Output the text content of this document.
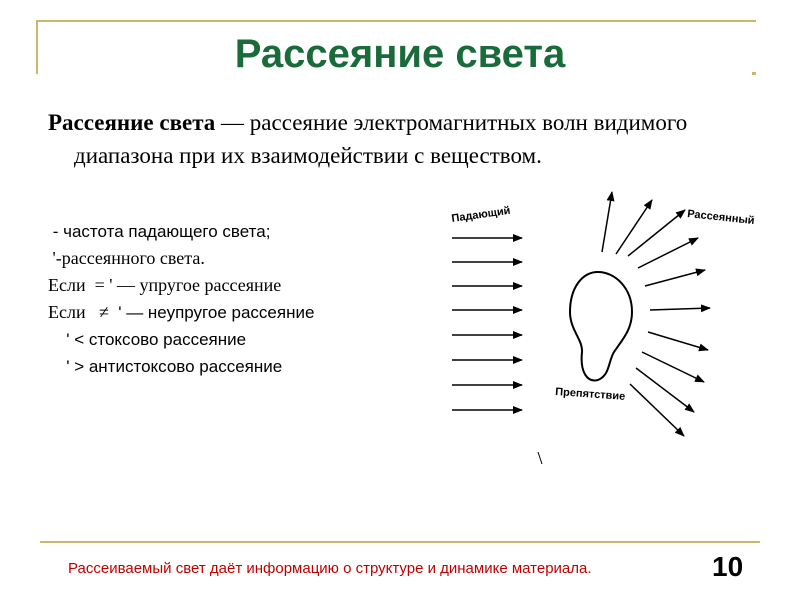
Рассеяние света
Рассеяние света — рассеяние электромагнитных волн видимого
диапазона при их взаимодействии с веществом.
- частота падающего света;
'-рассеянного света.
Если  = ' — упругое рассеяние
Если   ≠  ' — неупругое рассеяние
' < стоксово рассеяние
' > антистоксово рассеяние
Падающий	Рассеянный
Препятствие
Рассеиваемый свет даёт информацию о структуре и динамике материала.	10
